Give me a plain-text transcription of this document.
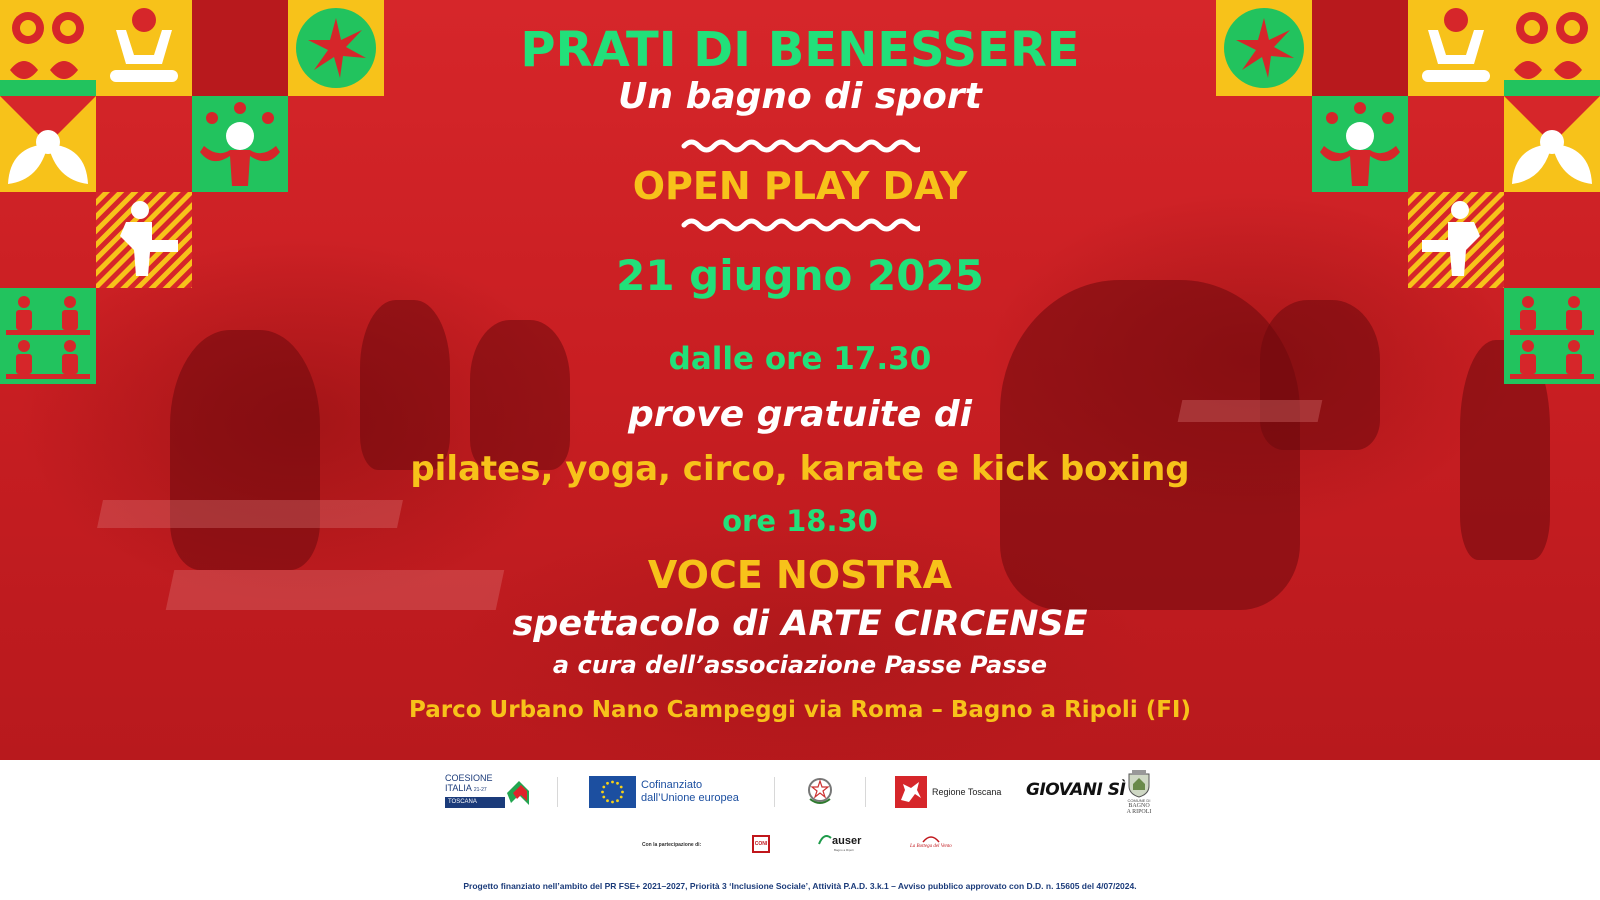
PRATI DI BENESSERE
Un bagno di sport
OPEN PLAY DAY
21 giugno 2025
dalle ore 17.30
prove gratuite di
pilates, yoga, circo, karate e kick boxing
ore 18.30
VOCE NOSTRA
spettacolo di ARTE CIRCENSE
a cura dell’associazione Passe Passe
Parco Urbano Nano Campeggi via Roma – Bagno a Ripoli (FI)
COESIONE
ITALIA 21-27
TOSCANA
Cofinanziato
dall’Unione europea	Regione Toscana GIOVANI SÌ
COMUNE DI
BAGNO
A RIPOLI
Con la partecipazione di:	CONI	auser
Bagno a Ripoli
La Bottega del Vento
Progetto finanziato nell’ambito del PR FSE+ 2021–2027, Priorità 3 ‘Inclusione Sociale’, Attività P.A.D. 3.k.1 – Avviso pubblico approvato con D.D. n. 15605 del 4/07/2024.
